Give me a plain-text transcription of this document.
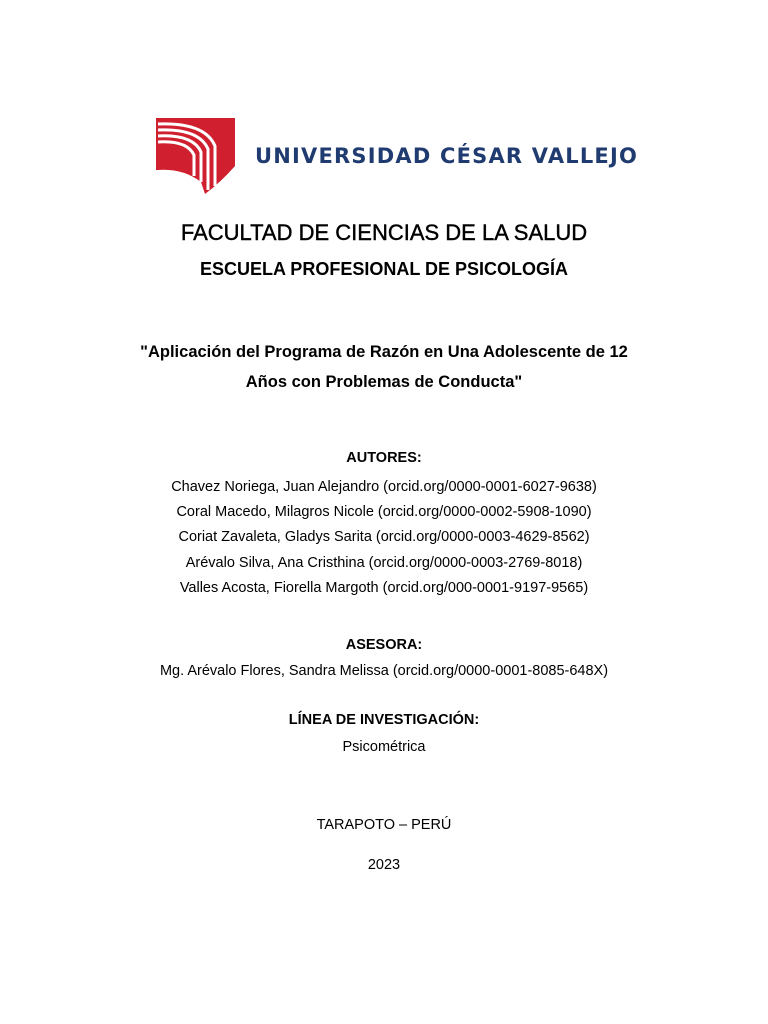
UNIVERSIDAD CÉSAR VALLEJO
FACULTAD DE CIENCIAS DE LA SALUD
ESCUELA PROFESIONAL DE PSICOLOGÍA
"Aplicación del Programa de Razón en Una Adolescente de 12
Años con Problemas de Conducta"
AUTORES:
Chavez Noriega, Juan Alejandro (orcid.org/0000-0001-6027-9638)
Coral Macedo, Milagros Nicole (orcid.org/0000-0002-5908-1090)
Coriat Zavaleta, Gladys Sarita (orcid.org/0000-0003-4629-8562)
Arévalo Silva, Ana Cristhina (orcid.org/0000-0003-2769-8018)
Valles Acosta, Fiorella Margoth (orcid.org/000-0001-9197-9565)
ASESORA:
Mg. Arévalo Flores, Sandra Melissa (orcid.org/0000-0001-8085-648X)
LÍNEA DE INVESTIGACIÓN:
Psicométrica
TARAPOTO – PERÚ
2023
